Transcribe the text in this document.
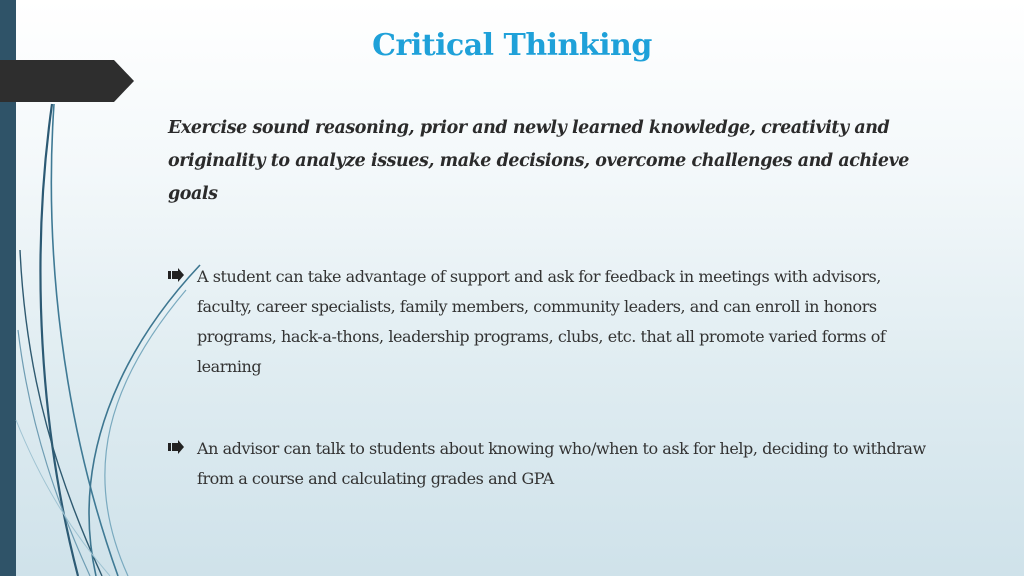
Critical Thinking

Exercise sound reasoning, prior and newly learned knowledge, creativity and originality to analyze issues, make decisions, overcome challenges and achieve goals

A student can take advantage of support and ask for feedback in meetings with advisors, faculty, career specialists, family members, community leaders, and can enroll in honors programs, hack-a-thons, leadership programs, clubs, etc. that all promote varied forms of learning
An advisor can talk to students about knowing who/when to ask for help, deciding to withdraw from a course and calculating grades and GPA
